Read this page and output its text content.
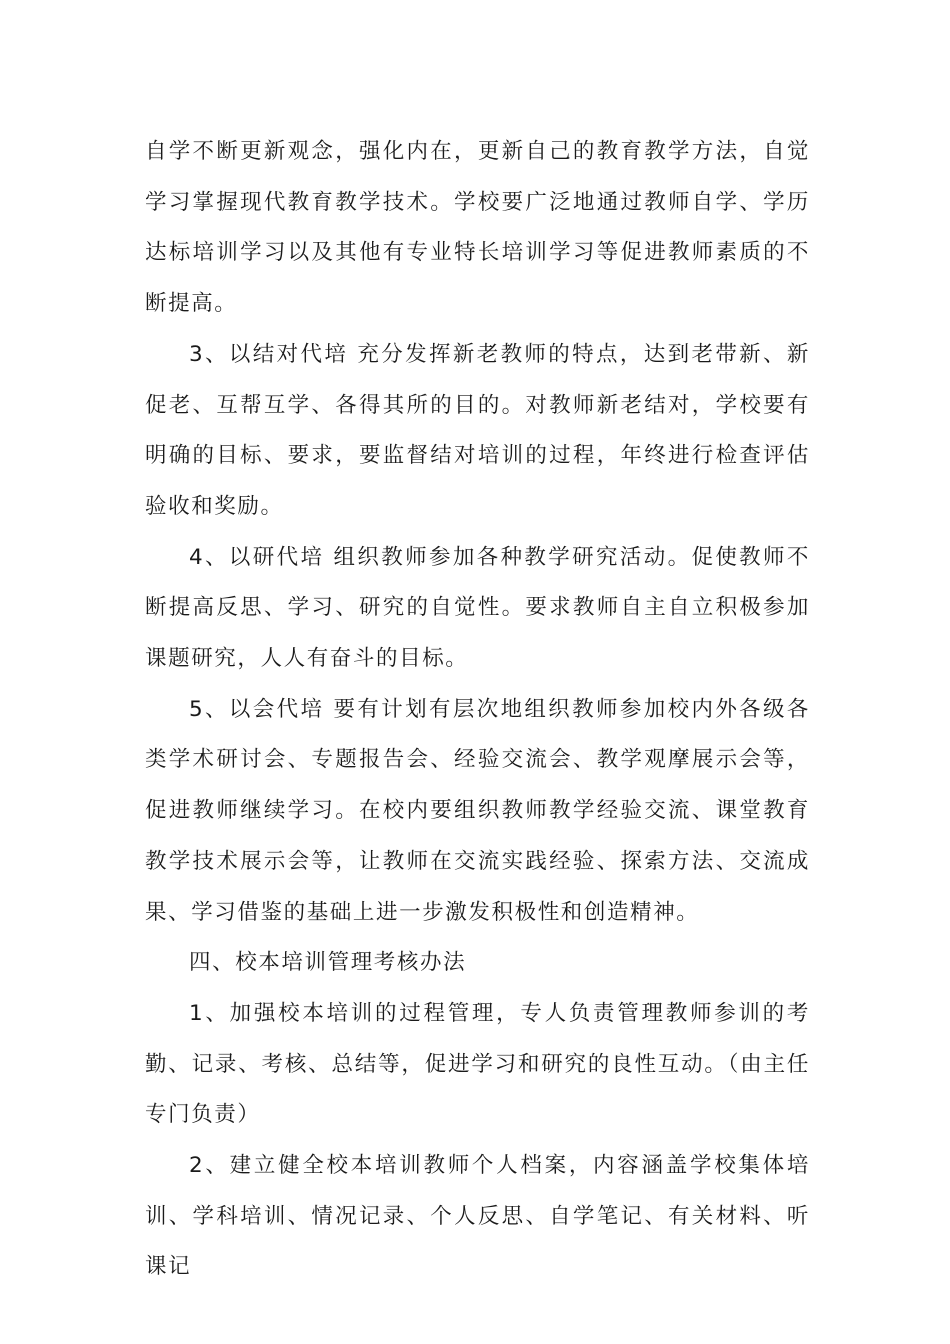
自学不断更新观念，强化内在，更新自己的教育教学方法，自觉学习掌握现代教育教学技术。学校要广泛地通过教师自学、学历达标培训学习以及其他有专业特长培训学习等促进教师素质的不断提高。

3、以结对代培 充分发挥新老教师的特点，达到老带新、新促老、互帮互学、各得其所的目的。对教师新老结对，学校要有明确的目标、要求，要监督结对培训的过程，年终进行检查评估验收和奖励。

4、以研代培 组织教师参加各种教学研究活动。促使教师不断提高反思、学习、研究的自觉性。要求教师自主自立积极参加课题研究，人人有奋斗的目标。

5、以会代培 要有计划有层次地组织教师参加校内外各级各类学术研讨会、专题报告会、经验交流会、教学观摩展示会等，促进教师继续学习。在校内要组织教师教学经验交流、课堂教育教学技术展示会等，让教师在交流实践经验、探索方法、交流成果、学习借鉴的基础上进一步激发积极性和创造精神。

四、校本培训管理考核办法

1、加强校本培训的过程管理，专人负责管理教师参训的考勤、记录、考核、总结等，促进学习和研究的良性互动。（由主任专门负责）

2、建立健全校本培训教师个人档案，内容涵盖学校集体培训、学科培训、情况记录、个人反思、自学笔记、有关材料、听课记
